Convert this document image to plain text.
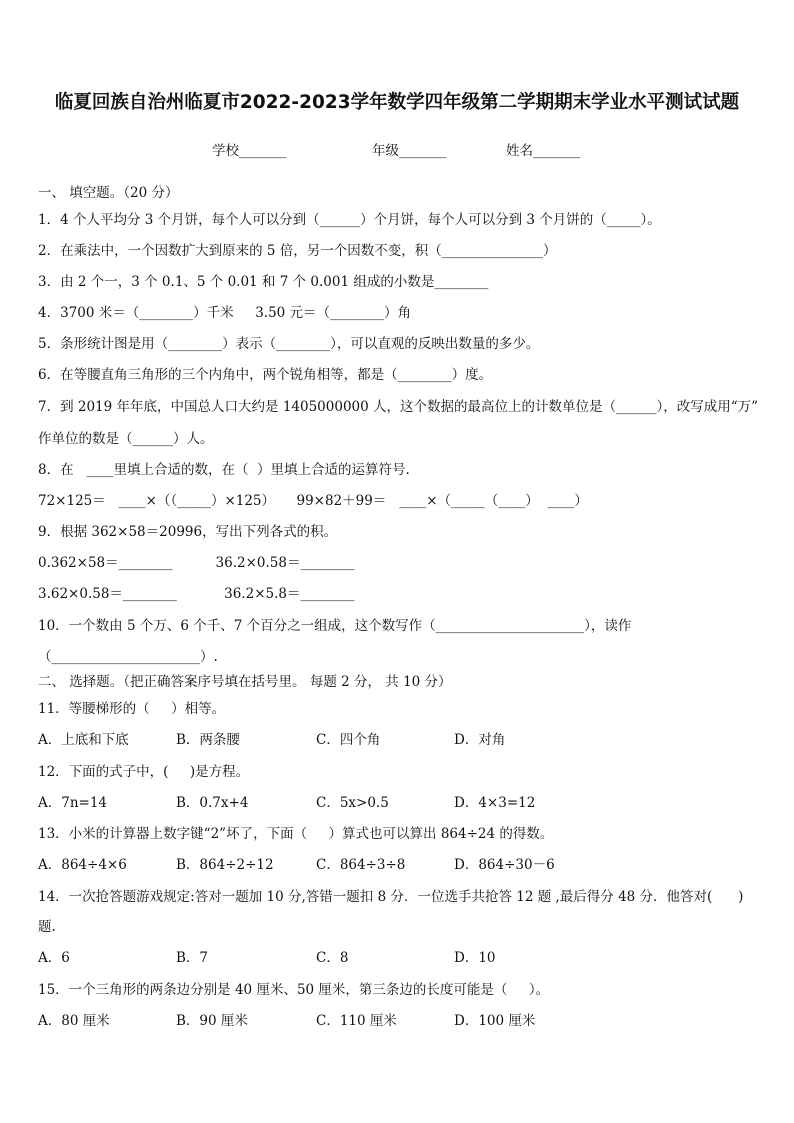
临夏回族自治州临夏市2022-2023学年数学四年级第二学期期末学业水平测试试题
学校_______	年级_______	姓名_______
一、 填空题。（20 分）
1．4 个人平均分 3 个月饼，每个人可以分到（______）个月饼，每个人可以分到 3 个月饼的（_____）。
2．在乘法中，一个因数扩大到原来的 5 倍，另一个因数不变，积（_______________）
3．由 2 个一，3 个 0.1、5 个 0.01 和 7 个 0.001 组成的小数是________
4．3700 米＝（________）千米     3.50 元＝（________）角
5．条形统计图是用（________）表示（________），可以直观的反映出数量的多少。
6．在等腰直角三角形的三个内角中，两个锐角相等，都是（________）度。
7．到 2019 年年底，中国总人口大约是 1405000000 人，这个数据的最高位上的计数单位是（______），改写成用“万”
作单位的数是（______）人。
8．在   ____里填上合适的数，在（  ）里填上合适的运算符号.
72×125＝   ____×（（_____）×125）     99×82＋99＝   ____×（_____（____）  ____）
9．根据 362×58＝20996，写出下列各式的积。
0.362×58＝________          36.2×0.58＝________
3.62×0.58＝________           36.2×5.8＝________
10．一个数由 5 个万、6 个千、7 个百分之一组成，这个数写作（______________________），读作
（______________________）.
二、 选择题。（把正确答案序号填在括号里。 每题 2 分， 共 10 分）
11．等腰梯形的（     ）相等。
A．上底和下底	B．两条腰	C．四个角	D．对角
12．下面的式子中，(     )是方程。
A．7n=14	B．0.7x+4	C．5x>0.5	D．4×3=12
13．小米的计算器上数字键“2”坏了，下面（     ）算式也可以算出 864÷24 的得数。
A．864÷4×6	B．864÷2÷12	C．864÷3÷8	D．864÷30－6
14．一次抢答题游戏规定:答对一题加 10 分,答错一题扣 8 分．一位选手共抢答 12 题 ,最后得分 48 分．他答对(      )
题.
A．6	B．7	C．8	D．10
15．一个三角形的两条边分别是 40 厘米、50 厘米，第三条边的长度可能是（     ）。
A．80 厘米	B．90 厘米	C．110 厘米	D．100 厘米
